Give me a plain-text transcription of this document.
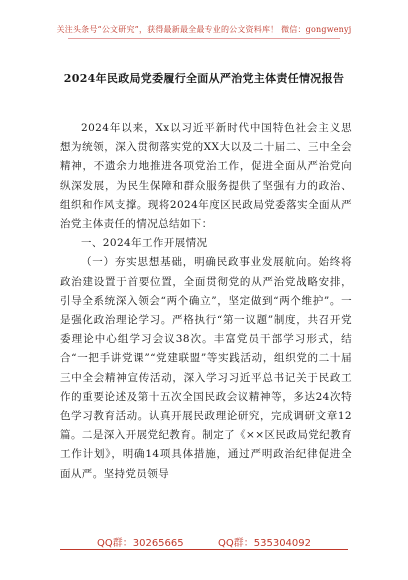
关注头条号“公文研究”，获得最新最全最专业的公文资料库！ 微信：gongwenyj
2024年民政局党委履行全面从严治党主体责任情况报告

2024年以来，Xx以习近平新时代中国特色社会主义思想为统领，深入贯彻落实党的XX大以及二十届二、三中全会精神，不遗余力地推进各项党治工作，促进全面从严治党向纵深发展，为民生保障和群众服务提供了坚强有力的政治、组织和作风支撑。现将2024年度区民政局党委落实全面从严治党主体责任的情况总结如下：

一、2024年工作开展情况

（一）夯实思想基础，明确民政事业发展航向。始终将政治建设置于首要位置，全面贯彻党的从严治党战略安排，引导全系统深入领会“两个确立”，坚定做到“两个维护”。一是强化政治理论学习。严格执行“第一议题”制度，共召开党委理论中心组学习会议38次。丰富党员干部学习形式，结合“一把手讲党课”“党建联盟”等实践活动，组织党的二十届三中全会精神宣传活动，深入学习习近平总书记关于民政工作的重要论述及第十五次全国民政会议精神等，多达24次特色学习教育活动。认真开展民政理论研究，完成调研文章12篇。二是深入开展党纪教育。制定了《××区民政局党纪教育工作计划》，明确14项具体措施，通过严明政治纪律促进全面从严。坚持党员领导

QQ群：30265665	QQ群：535304092
